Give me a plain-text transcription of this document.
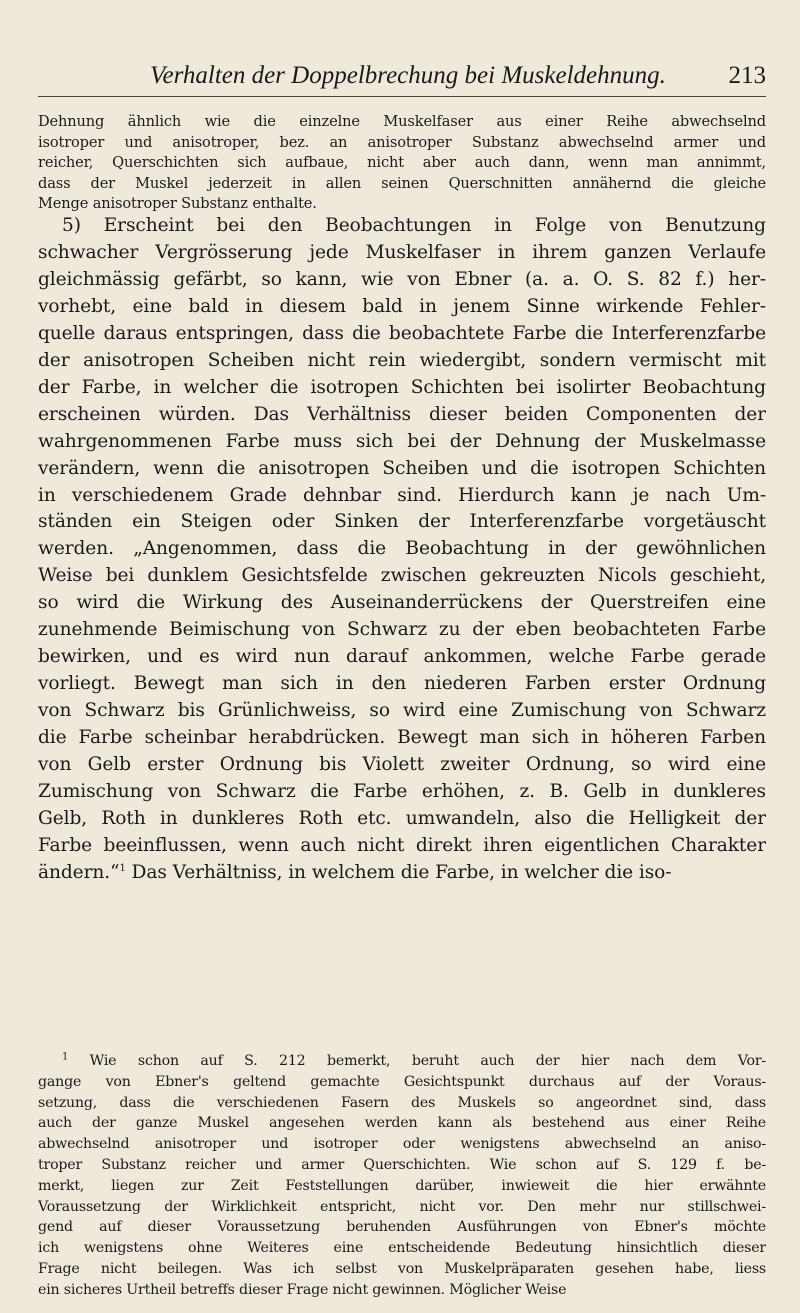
Verhalten der Doppelbrechung bei Muskeldehnung.	213

Dehnung ähnlich wie die einzelne Muskelfaser aus einer Reihe abwechselnd

isotroper und anisotroper, bez. an anisotroper Substanz abwechselnd armer und

reicher, Querschichten sich aufbaue, nicht aber auch dann, wenn man annimmt,

dass der Muskel jederzeit in allen seinen Querschnitten annähernd die gleiche

Menge anisotroper Substanz enthalte.

5) Erscheint bei den Beobachtungen in Folge von Benutzung

schwacher Vergrösserung jede Muskelfaser in ihrem ganzen Verlaufe

gleichmässig gefärbt, so kann, wie von Ebner (a. a. O. S. 82 f.) her-

vorhebt, eine bald in diesem bald in jenem Sinne wirkende Fehler-

quelle daraus entspringen, dass die beobachtete Farbe die Interferenzfarbe

der anisotropen Scheiben nicht rein wiedergibt, sondern vermischt mit

der Farbe, in welcher die isotropen Schichten bei isolirter Beobachtung

erscheinen würden. Das Verhältniss dieser beiden Componenten der

wahrgenommenen Farbe muss sich bei der Dehnung der Muskelmasse

verändern, wenn die anisotropen Scheiben und die isotropen Schichten

in verschiedenem Grade dehnbar sind. Hierdurch kann je nach Um-

ständen ein Steigen oder Sinken der Interferenzfarbe vorgetäuscht

werden. „Angenommen, dass die Beobachtung in der gewöhnlichen

Weise bei dunklem Gesichtsfelde zwischen gekreuzten Nicols geschieht,

so wird die Wirkung des Auseinanderrückens der Querstreifen eine

zunehmende Beimischung von Schwarz zu der eben beobachteten Farbe

bewirken, und es wird nun darauf ankommen, welche Farbe gerade

vorliegt. Bewegt man sich in den niederen Farben erster Ordnung

von Schwarz bis Grünlichweiss, so wird eine Zumischung von Schwarz

die Farbe scheinbar herabdrücken. Bewegt man sich in höheren Farben

von Gelb erster Ordnung bis Violett zweiter Ordnung, so wird eine

Zumischung von Schwarz die Farbe erhöhen, z. B. Gelb in dunkleres

Gelb, Roth in dunkleres Roth etc. umwandeln, also die Helligkeit der

Farbe beeinflussen, wenn auch nicht direkt ihren eigentlichen Charakter

ändern.“$^1$ Das Verhältniss, in welchem die Farbe, in welcher die iso-

$^1$ Wie schon auf S. 212 bemerkt, beruht auch der hier nach dem Vor-

gange von Ebner's geltend gemachte Gesichtspunkt durchaus auf der Voraus-

setzung, dass die verschiedenen Fasern des Muskels so angeordnet sind, dass

auch der ganze Muskel angesehen werden kann als bestehend aus einer Reihe

abwechselnd anisotroper und isotroper oder wenigstens abwechselnd an aniso-

troper Substanz reicher und armer Querschichten. Wie schon auf S. 129 f. be-

merkt, liegen zur Zeit Feststellungen darüber, inwieweit die hier erwähnte

Voraussetzung der Wirklichkeit entspricht, nicht vor. Den mehr nur stillschwei-

gend auf dieser Voraussetzung beruhenden Ausführungen von Ebner's möchte

ich wenigstens ohne Weiteres eine entscheidende Bedeutung hinsichtlich dieser

Frage nicht beilegen. Was ich selbst von Muskelpräparaten gesehen habe, liess

ein sicheres Urtheil betreffs dieser Frage nicht gewinnen. Möglicher Weise
